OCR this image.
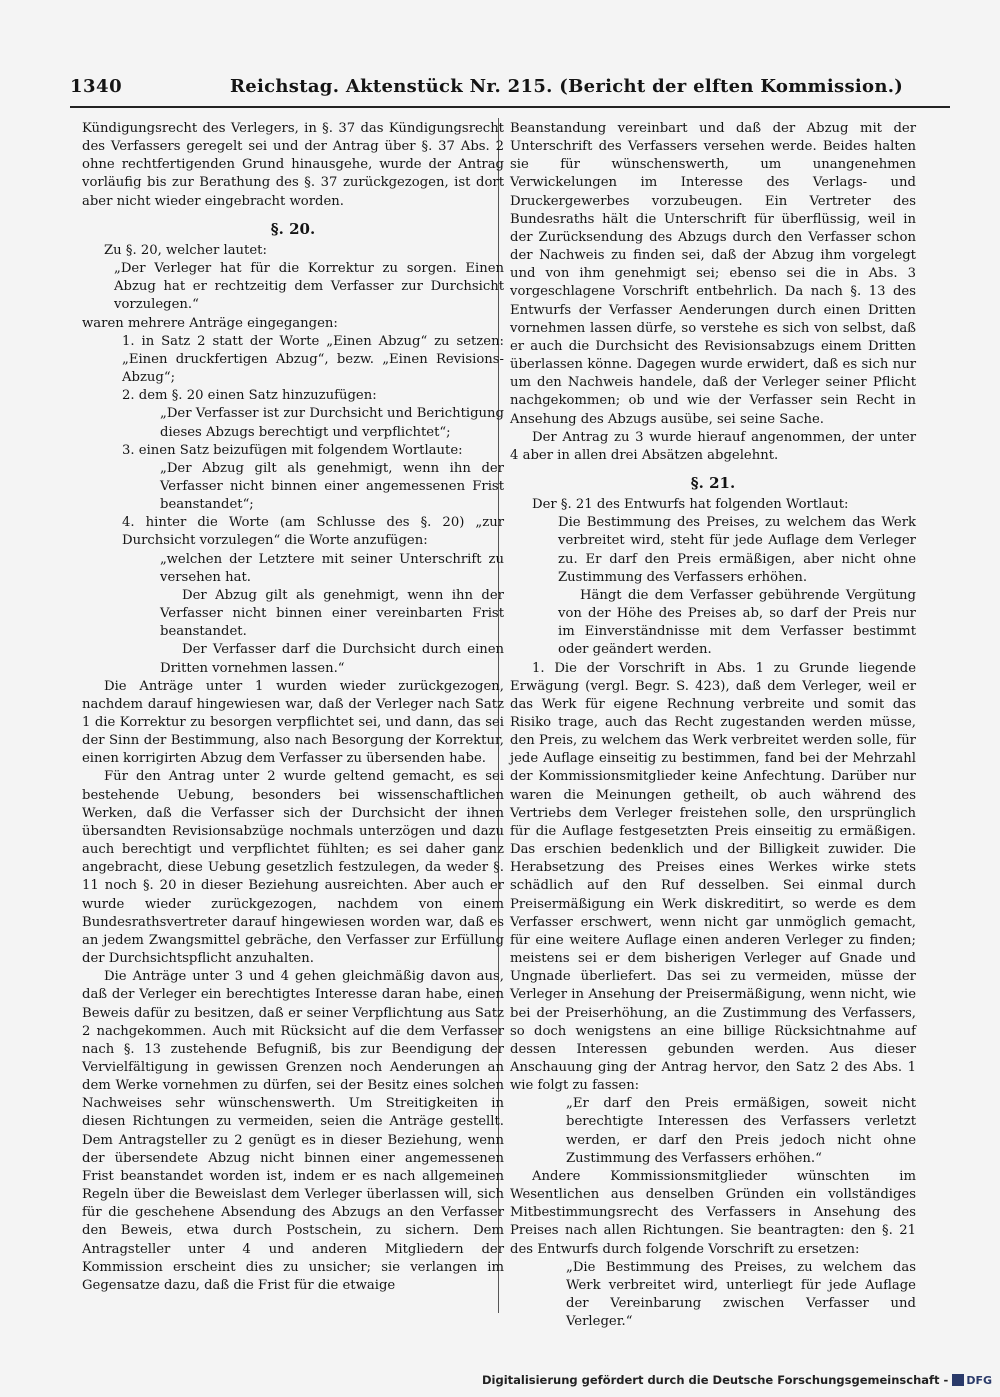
1340	Reichstag. Aktenstück Nr. 215. (Bericht der elften Kommission.)

Kündigungsrecht des Verlegers, in §. 37 das Kündigungsrecht des Verfassers geregelt sei und der Antrag über §. 37 Abs. 2 ohne rechtfertigenden Grund hinausgehe, wurde der Antrag vorläufig bis zur Berathung des §. 37 zurückgezogen, ist dort aber nicht wieder eingebracht worden.

§. 20.

Zu §. 20, welcher lautet:

„Der Verleger hat für die Korrektur zu sorgen. Einen Abzug hat er rechtzeitig dem Verfasser zur Durchsicht vorzulegen.“

waren mehrere Anträge eingegangen:

1. in Satz 2 statt der Worte „Einen Abzug“ zu setzen: „Einen druckfertigen Abzug“, bezw. „Einen Revisions-Abzug“;

2. dem §. 20 einen Satz hinzuzufügen:

„Der Verfasser ist zur Durchsicht und Berichtigung dieses Abzugs berechtigt und verpflichtet“;

3. einen Satz beizufügen mit folgendem Wortlaute:

„Der Abzug gilt als genehmigt, wenn ihn der Verfasser nicht binnen einer angemessenen Frist beanstandet“;

4. hinter die Worte (am Schlusse des §. 20) „zur Durchsicht vorzulegen“ die Worte anzufügen:

„welchen der Letztere mit seiner Unterschrift zu versehen hat.

Der Abzug gilt als genehmigt, wenn ihn der Verfasser nicht binnen einer vereinbarten Frist beanstandet.

Der Verfasser darf die Durchsicht durch einen Dritten vornehmen lassen.“

Die Anträge unter 1 wurden wieder zurückgezogen, nachdem darauf hingewiesen war, daß der Verleger nach Satz 1 die Korrektur zu besorgen verpflichtet sei, und dann, das sei der Sinn der Bestimmung, also nach Besorgung der Korrektur, einen korrigirten Abzug dem Verfasser zu übersenden habe.

Für den Antrag unter 2 wurde geltend gemacht, es sei bestehende Uebung, besonders bei wissenschaftlichen Werken, daß die Verfasser sich der Durchsicht der ihnen übersandten Revisionsabzüge nochmals unterzögen und dazu auch berechtigt und verpflichtet fühlten; es sei daher ganz angebracht, diese Uebung gesetzlich festzulegen, da weder §. 11 noch §. 20 in dieser Beziehung ausreichten. Aber auch er wurde wieder zurückgezogen, nachdem von einem Bundesrathsvertreter darauf hingewiesen worden war, daß es an jedem Zwangsmittel gebräche, den Verfasser zur Erfüllung der Durchsichtspflicht anzuhalten.

Die Anträge unter 3 und 4 gehen gleichmäßig davon aus, daß der Verleger ein berechtigtes Interesse daran habe, einen Beweis dafür zu besitzen, daß er seiner Verpflichtung aus Satz 2 nachgekommen. Auch mit Rücksicht auf die dem Verfasser nach §. 13 zustehende Befugniß, bis zur Beendigung der Vervielfältigung in gewissen Grenzen noch Aenderungen an dem Werke vornehmen zu dürfen, sei der Besitz eines solchen Nachweises sehr wünschenswerth. Um Streitigkeiten in diesen Richtungen zu vermeiden, seien die Anträge gestellt. Dem Antragsteller zu 2 genügt es in dieser Beziehung, wenn der übersendete Abzug nicht binnen einer angemessenen Frist beanstandet worden ist, indem er es nach allgemeinen Regeln über die Beweislast dem Verleger überlassen will, sich für die geschehene Absendung des Abzugs an den Verfasser den Beweis, etwa durch Postschein, zu sichern. Dem Antragsteller unter 4 und anderen Mitgliedern der Kommission erscheint dies zu unsicher; sie verlangen im Gegensatze dazu, daß die Frist für die etwaige

Beanstandung vereinbart und daß der Abzug mit der Unterschrift des Verfassers versehen werde. Beides halten sie für wünschenswerth, um unangenehmen Verwickelungen im Interesse des Verlags- und Druckergewerbes vorzubeugen. Ein Vertreter des Bundesraths hält die Unterschrift für überflüssig, weil in der Zurücksendung des Abzugs durch den Verfasser schon der Nachweis zu finden sei, daß der Abzug ihm vorgelegt und von ihm genehmigt sei; ebenso sei die in Abs. 3 vorgeschlagene Vorschrift entbehrlich. Da nach §. 13 des Entwurfs der Verfasser Aenderungen durch einen Dritten vornehmen lassen dürfe, so verstehe es sich von selbst, daß er auch die Durchsicht des Revisionsabzugs einem Dritten überlassen könne. Dagegen wurde erwidert, daß es sich nur um den Nachweis handele, daß der Verleger seiner Pflicht nachgekommen; ob und wie der Verfasser sein Recht in Ansehung des Abzugs ausübe, sei seine Sache.

Der Antrag zu 3 wurde hierauf angenommen, der unter 4 aber in allen drei Absätzen abgelehnt.

§. 21.

Der §. 21 des Entwurfs hat folgenden Wortlaut:

Die Bestimmung des Preises, zu welchem das Werk verbreitet wird, steht für jede Auflage dem Verleger zu. Er darf den Preis ermäßigen, aber nicht ohne Zustimmung des Verfassers erhöhen.

Hängt die dem Verfasser gebührende Vergütung von der Höhe des Preises ab, so darf der Preis nur im Einverständnisse mit dem Verfasser bestimmt oder geändert werden.

1. Die der Vorschrift in Abs. 1 zu Grunde liegende Erwägung (vergl. Begr. S. 423), daß dem Verleger, weil er das Werk für eigene Rechnung verbreite und somit das Risiko trage, auch das Recht zugestanden werden müsse, den Preis, zu welchem das Werk verbreitet werden solle, für jede Auflage einseitig zu bestimmen, fand bei der Mehrzahl der Kommissionsmitglieder keine Anfechtung. Darüber nur waren die Meinungen getheilt, ob auch während des Vertriebs dem Verleger freistehen solle, den ursprünglich für die Auflage festgesetzten Preis einseitig zu ermäßigen. Das erschien bedenklich und der Billigkeit zuwider. Die Herabsetzung des Preises eines Werkes wirke stets schädlich auf den Ruf desselben. Sei einmal durch Preisermäßigung ein Werk diskreditirt, so werde es dem Verfasser erschwert, wenn nicht gar unmöglich gemacht, für eine weitere Auflage einen anderen Verleger zu finden; meistens sei er dem bisherigen Verleger auf Gnade und Ungnade überliefert. Das sei zu vermeiden, müsse der Verleger in Ansehung der Preisermäßigung, wenn nicht, wie bei der Preiserhöhung, an die Zustimmung des Verfassers, so doch wenigstens an eine billige Rücksichtnahme auf dessen Interessen gebunden werden. Aus dieser Anschauung ging der Antrag hervor, den Satz 2 des Abs. 1 wie folgt zu fassen:

„Er darf den Preis ermäßigen, soweit nicht berechtigte Interessen des Verfassers verletzt werden, er darf den Preis jedoch nicht ohne Zustimmung des Verfassers erhöhen.“

Andere Kommissionsmitglieder wünschten im Wesentlichen aus denselben Gründen ein vollständiges Mitbestimmungsrecht des Verfassers in Ansehung des Preises nach allen Richtungen. Sie beantragten: den §. 21 des Entwurfs durch folgende Vorschrift zu ersetzen:

„Die Bestimmung des Preises, zu welchem das Werk verbreitet wird, unterliegt für jede Auflage der Vereinbarung zwischen Verfasser und Verleger.“

Digitalisierung gefördert durch die Deutsche Forschungsgemeinschaft - DFG
